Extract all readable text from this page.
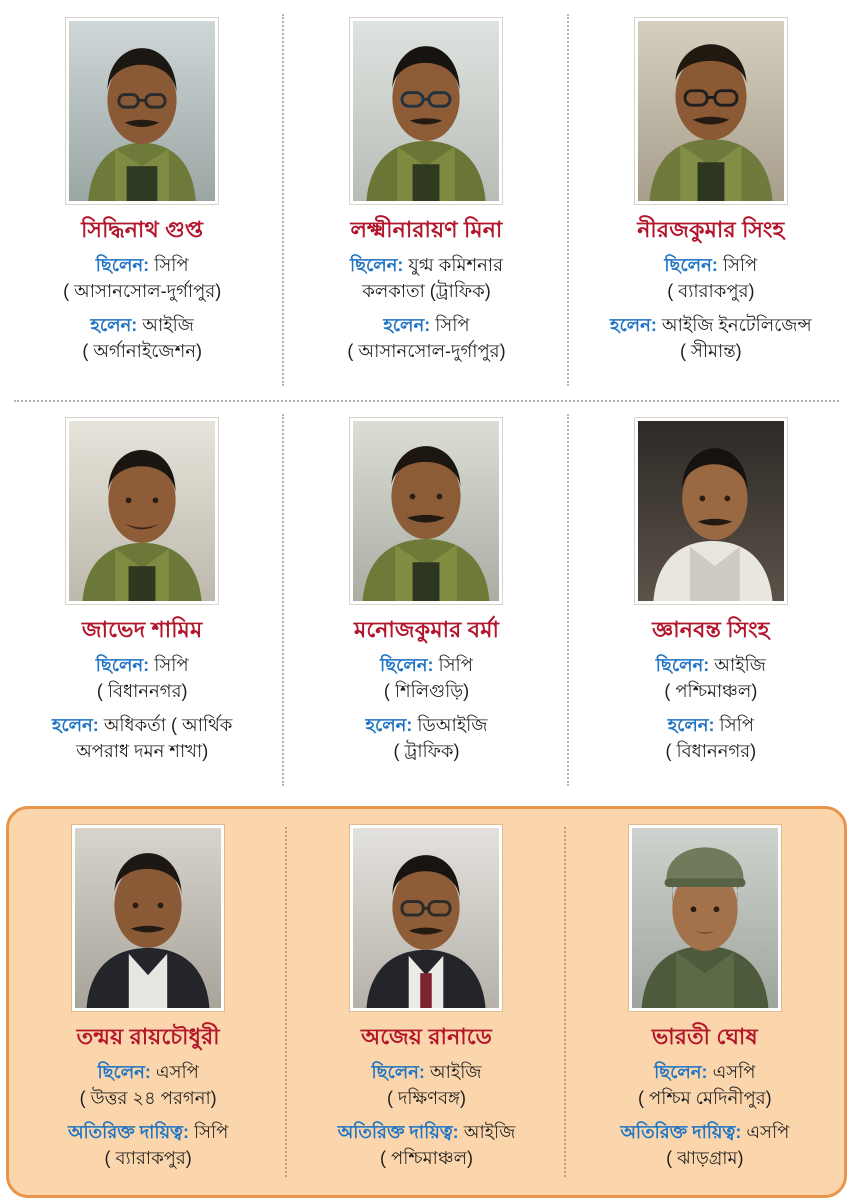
সিদ্ধিনাথ গুপ্ত
ছিলেন: সিপি
( আসানসোল-দুর্গাপুর)
হলেন: আইজি
( অর্গানাইজেশন)
লক্ষ্মীনারায়ণ মিনা
ছিলেন: যুগ্ম কমিশনার
কলকাতা (ট্রাফিক)
হলেন: সিপি
( আসানসোল-দুর্গাপুর)
নীরজকুমার সিংহ
ছিলেন: সিপি
( ব্যারাকপুর)
হলেন: আইজি ইনটেলিজেন্স
( সীমান্ত)
জাভেদ শামিম
ছিলেন: সিপি
( বিধাননগর)
হলেন: অধিকর্তা ( আর্থিক
অপরাধ দমন শাখা)
মনোজকুমার বর্মা
ছিলেন: সিপি
( শিলিগুড়ি)
হলেন: ডিআইজি
( ট্রাফিক)
জ্ঞানবন্ত সিংহ
ছিলেন: আইজি
( পশ্চিমাঞ্চল)
হলেন: সিপি
( বিধাননগর)
তন্ময় রায়চৌধুরী
ছিলেন: এসপি
( উত্তর ২৪ পরগনা)
অতিরিক্ত দায়িত্ব: সিপি
( ব্যারাকপুর)
অজেয় রানাডে
ছিলেন: আইজি
( দক্ষিণবঙ্গ)
অতিরিক্ত দায়িত্ব: আইজি
( পশ্চিমাঞ্চল)
ভারতী ঘোষ
ছিলেন: এসপি
( পশ্চিম মেদিনীপুর)
অতিরিক্ত দায়িত্ব: এসপি
( ঝাড়গ্রাম)
